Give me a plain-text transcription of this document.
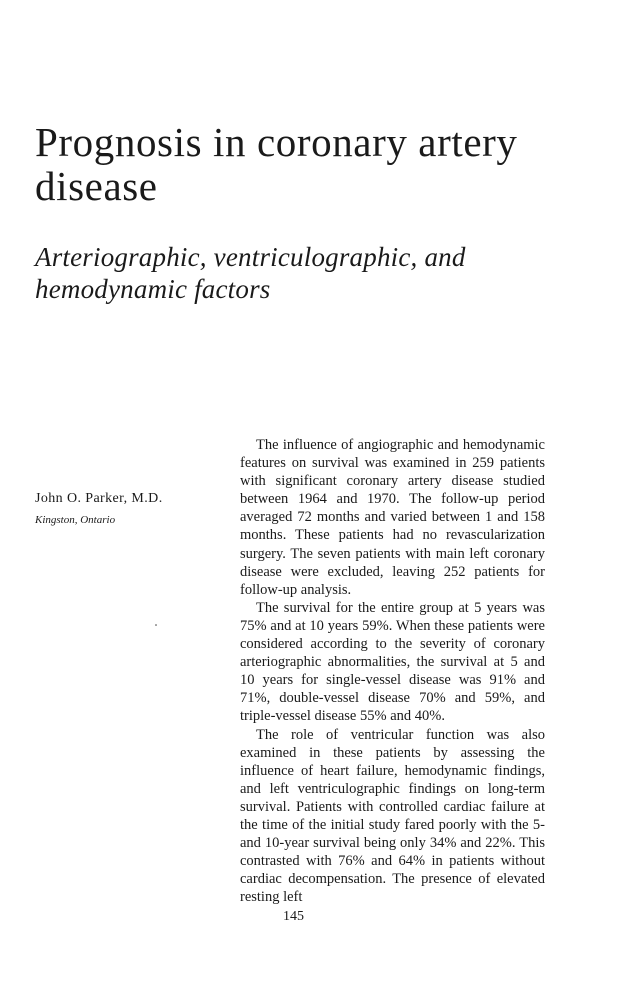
Prognosis in coronary artery disease
Arteriographic, ventriculographic, and hemodynamic factors
John O. Parker, M.D.
Kingston, Ontario

The influence of angiographic and hemodynamic features on survival was examined in 259 patients with significant coronary artery disease studied between 1964 and 1970. The follow-up period averaged 72 months and varied between 1 and 158 months. These patients had no revascularization surgery. The seven patients with main left coronary disease were excluded, leaving 252 patients for follow-up analysis.

The survival for the entire group at 5 years was 75% and at 10 years 59%. When these patients were considered according to the severity of coronary arteriographic abnormalities, the survival at 5 and 10 years for single-vessel disease was 91% and 71%, double-vessel disease 70% and 59%, and triple-vessel disease 55% and 40%.

The role of ventricular function was also examined in these patients by assessing the influence of heart failure, hemodynamic findings, and left ventriculographic findings on long-term survival. Patients with controlled cardiac failure at the time of the initial study fared poorly with the 5- and 10-year survival being only 34% and 22%. This contrasted with 76% and 64% in patients without cardiac decompensation. The presence of elevated resting left

145
